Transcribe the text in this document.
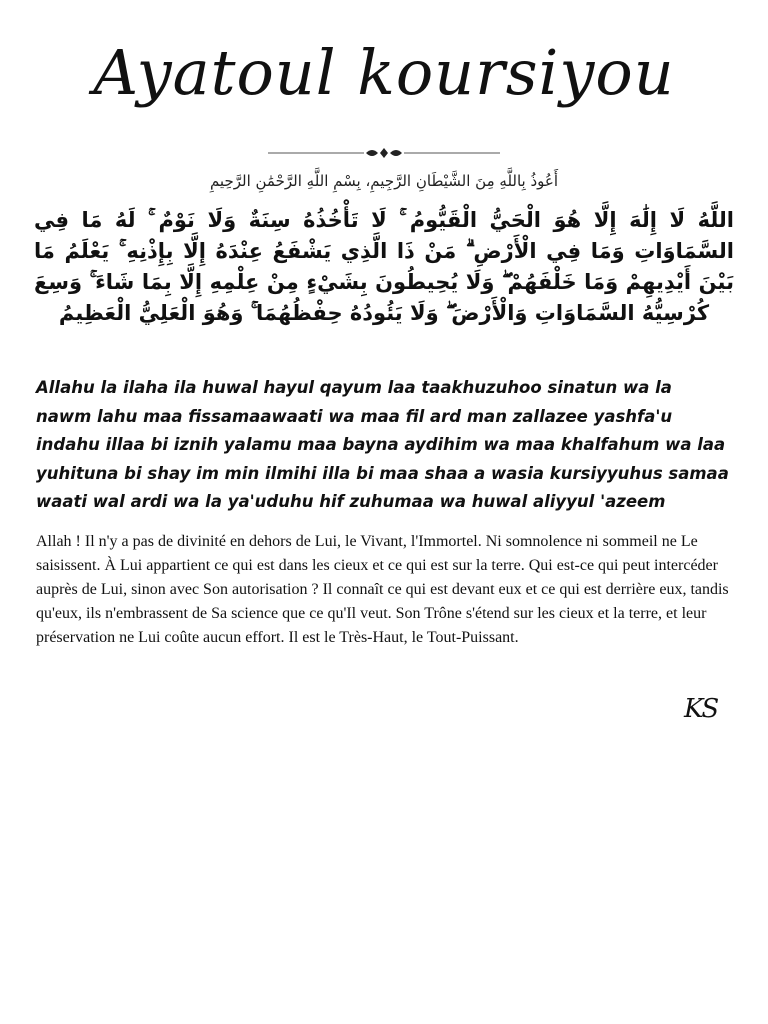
Ayatoul koursiyou
أَعُوذُ بِاللَّهِ مِنَ الشَّيْطَانِ الرَّجِيمِ، بِسْمِ اللَّهِ الرَّحْمَٰنِ الرَّحِيمِ
اللَّهُ لَا إِلَٰهَ إِلَّا هُوَ الْحَيُّ الْقَيُّومُ ۚ لَا تَأْخُذُهُ سِنَةٌ وَلَا نَوْمٌ ۚ لَهُ مَا فِي السَّمَاوَاتِ وَمَا فِي الْأَرْضِ ۗ مَنْ ذَا الَّذِي يَشْفَعُ عِنْدَهُ إِلَّا بِإِذْنِهِ ۚ يَعْلَمُ مَا بَيْنَ أَيْدِيهِمْ وَمَا خَلْفَهُمْ ۖ وَلَا يُحِيطُونَ بِشَيْءٍ مِنْ عِلْمِهِ إِلَّا بِمَا شَاءَ ۚ وَسِعَ كُرْسِيُّهُ السَّمَاوَاتِ وَالْأَرْضَ ۖ وَلَا يَئُودُهُ حِفْظُهُمَا ۚ وَهُوَ الْعَلِيُّ الْعَظِيمُ
Allahu la ilaha ila huwal hayul qayum laa taakhuzuhoo sinatun wa la nawm lahu maa fissamaawaati wa maa fil ard man zallazee yashfa'u indahu illaa bi iznih yalamu maa bayna aydihim wa maa khalfahum wa laa yuhituna bi shay im min ilmihi illa bi maa shaa a wasia kursiyyuhus samaa waati wal ardi wa la ya'uduhu hif zuhumaa wa huwal aliyyul 'azeem
Allah ! Il n'y a pas de divinité en dehors de Lui, le Vivant, l'Immortel. Ni somnolence ni sommeil ne Le saisissent. À Lui appartient ce qui est dans les cieux et ce qui est sur la terre. Qui est-ce qui peut intercéder auprès de Lui, sinon avec Son autorisation ? Il connaît ce qui est devant eux et ce qui est derrière eux, tandis qu'eux, ils n'embrassent de Sa science que ce qu'Il veut. Son Trône s'étend sur les cieux et la terre, et leur préservation ne Lui coûte aucun effort. Il est le Très-Haut, le Tout-Puissant.
KS
